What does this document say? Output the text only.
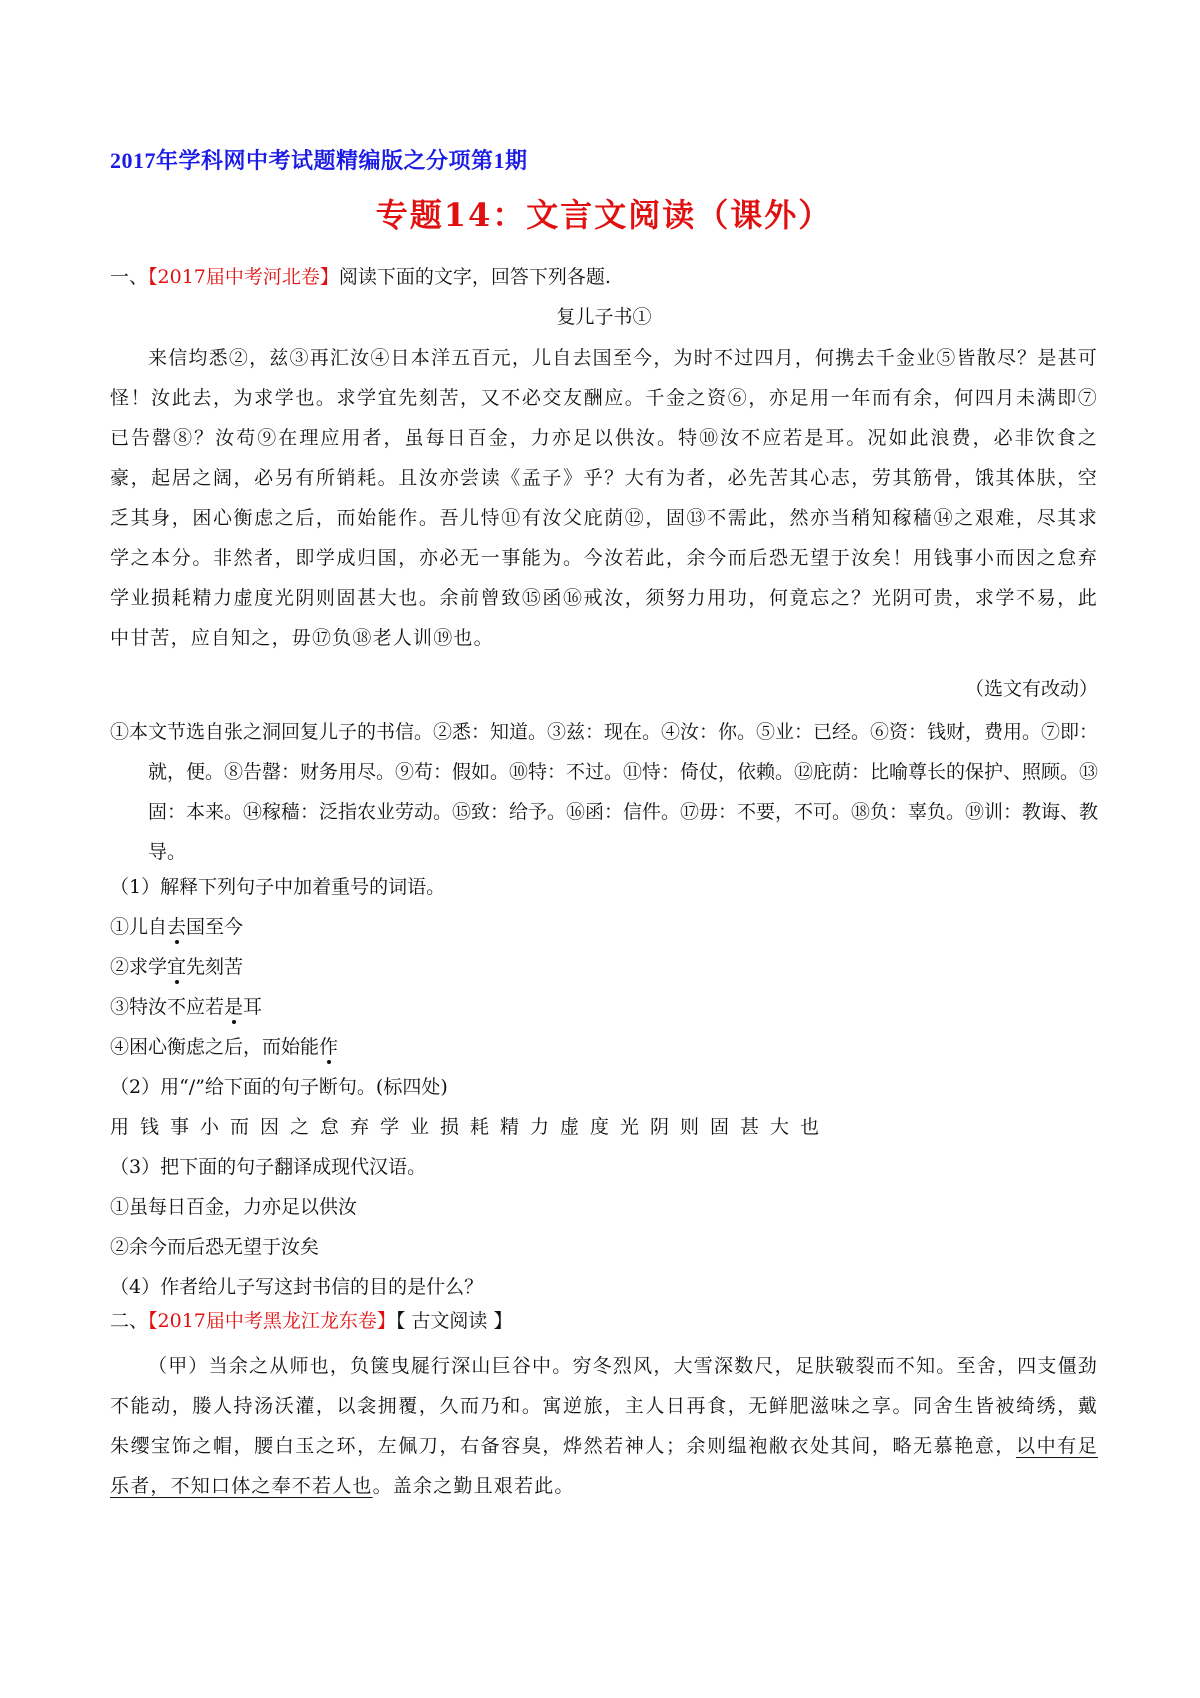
2017年学科网中考试题精编版之分项第1期
专题14：文言文阅读（课外）
一、【2017届中考河北卷】阅读下面的文字，回答下列各题.
复儿子书①
来信均悉②，兹③再汇汝④日本洋五百元，儿自去国至今，为时不过四月，何携去千金业⑤皆散尽？是甚可怪！汝此去，为求学也。求学宜先刻苦，又不必交友酬应。千金之资⑥，亦足用一年而有余，何四月未满即⑦已告罄⑧？汝苟⑨在理应用者，虽每日百金，力亦足以供汝。特⑩汝不应若是耳。况如此浪费，必非饮食之豪，起居之阔，必另有所销耗。且汝亦尝读《孟子》乎？大有为者，必先苦其心志，劳其筋骨，饿其体肤，空乏其身，困心衡虑之后，而始能作。吾儿恃⑪有汝父庇荫⑫，固⑬不需此，然亦当稍知稼穑⑭之艰难，尽其求学之本分。非然者，即学成归国，亦必无一事能为。今汝若此，余今而后恐无望于汝矣！用钱事小而因之怠弃学业损耗精力虚度光阴则固甚大也。余前曾致⑮函⑯戒汝，须努力用功，何竟忘之？光阴可贵，求学不易，此中甘苦，应自知之，毋⑰负⑱老人训⑲也。
（选文有改动）
①本文节选自张之洞回复儿子的书信。②悉：知道。③兹：现在。④汝：你。⑤业：已经。⑥资：钱财，费用。⑦即：就，便。⑧告罄：财务用尽。⑨苟：假如。⑩特：不过。⑪恃：倚仗，依赖。⑫庇荫：比喻尊长的保护、照顾。⑬固：本来。⑭稼穑：泛指农业劳动。⑮致：给予。⑯函：信件。⑰毋：不要，不可。⑱负：辜负。⑲训：教诲、教导。
（1）解释下列句子中加着重号的词语。
①儿自去国至今
②求学宜先刻苦
③特汝不应若是耳
④困心衡虑之后，而始能作
（2）用“/”给下面的句子断句。(标四处)
用钱事小而因之怠弃学业损耗精力虚度光阴则固甚大也
（3）把下面的句子翻译成现代汉语。
①虽每日百金，力亦足以供汝
②余今而后恐无望于汝矣
（4）作者给儿子写这封书信的目的是什么？
二、【2017届中考黑龙江龙东卷】【 古文阅读 】
（甲）当余之从师也，负箧曳屣行深山巨谷中。穷冬烈风，大雪深数尺，足肤皲裂而不知。至舍，四支僵劲不能动，媵人持汤沃灌，以衾拥覆，久而乃和。寓逆旅，主人日再食，无鲜肥滋味之享。同舍生皆被绮绣，戴朱缨宝饰之帽，腰白玉之环，左佩刀，右备容臭，烨然若神人；余则缊袍敝衣处其间，略无慕艳意，以中有足乐者，不知口体之奉不若人也。盖余之勤且艰若此。
